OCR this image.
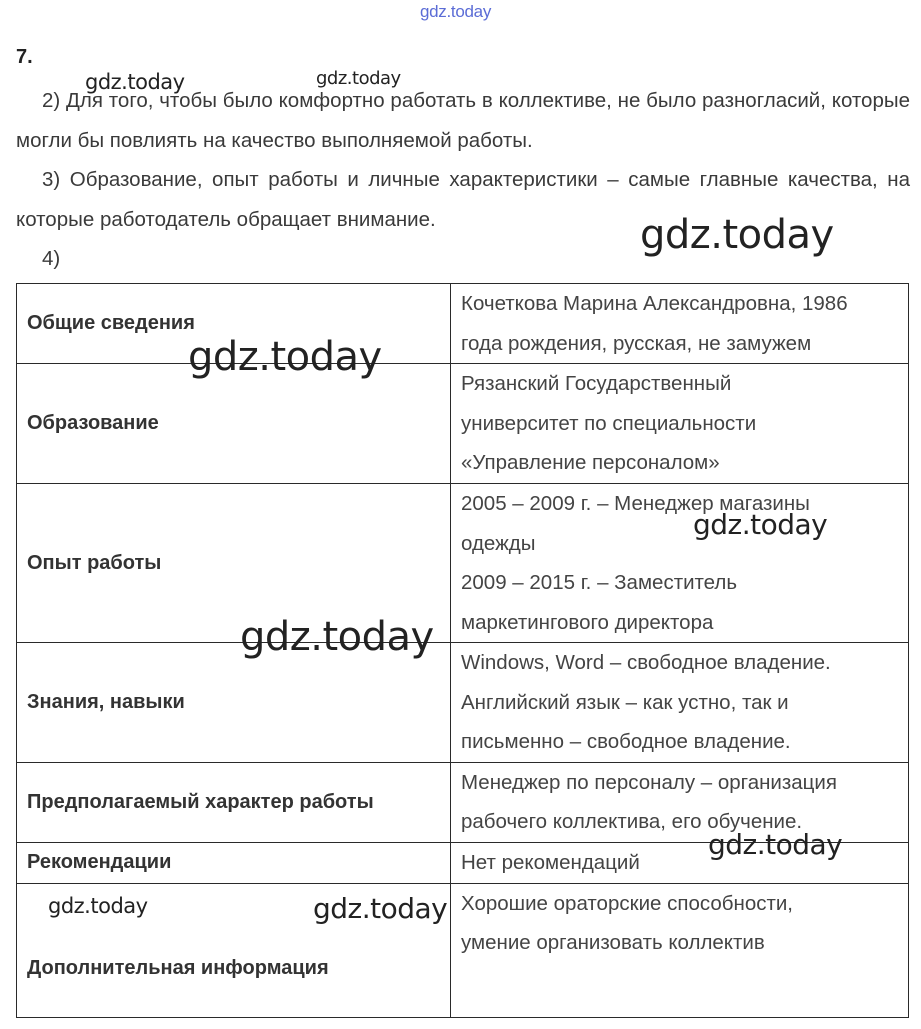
gdz.today
7.

2) Для того, чтобы было комфортно работать в коллективе, не было разногласий, которые могли бы повлиять на качество выполняемой работы.

3) Образование, опыт работы и личные характеристики – самые главные качества, на которые работодатель обращает внимание.

4)

Общие сведения	Кочеткова Марина Александровна, 1986
года рождения, русская, не замужем

Образование	Рязанский Государственный
университет по специальности
«Управление персоналом»

Опыт работы	2005 – 2009 г. – Менеджер магазины
одежды
2009 – 2015 г. – Заместитель
маркетингового директора

Знания, навыки	Windows, Word – свободное владение.
Английский язык – как устно, так и
письменно – свободное владение.

Предполагаемый характер работы	Менеджер по персоналу – организация
рабочего коллектива, его обучение.

Рекомендации	Нет рекомендаций

Дополнительная информация	Хорошие ораторские способности,
умение организовать коллектив
gdz.today	gdz.today
gdz.today
gdz.today
gdz.today
gdz.today
gdz.today
gdz.today	gdz.today
